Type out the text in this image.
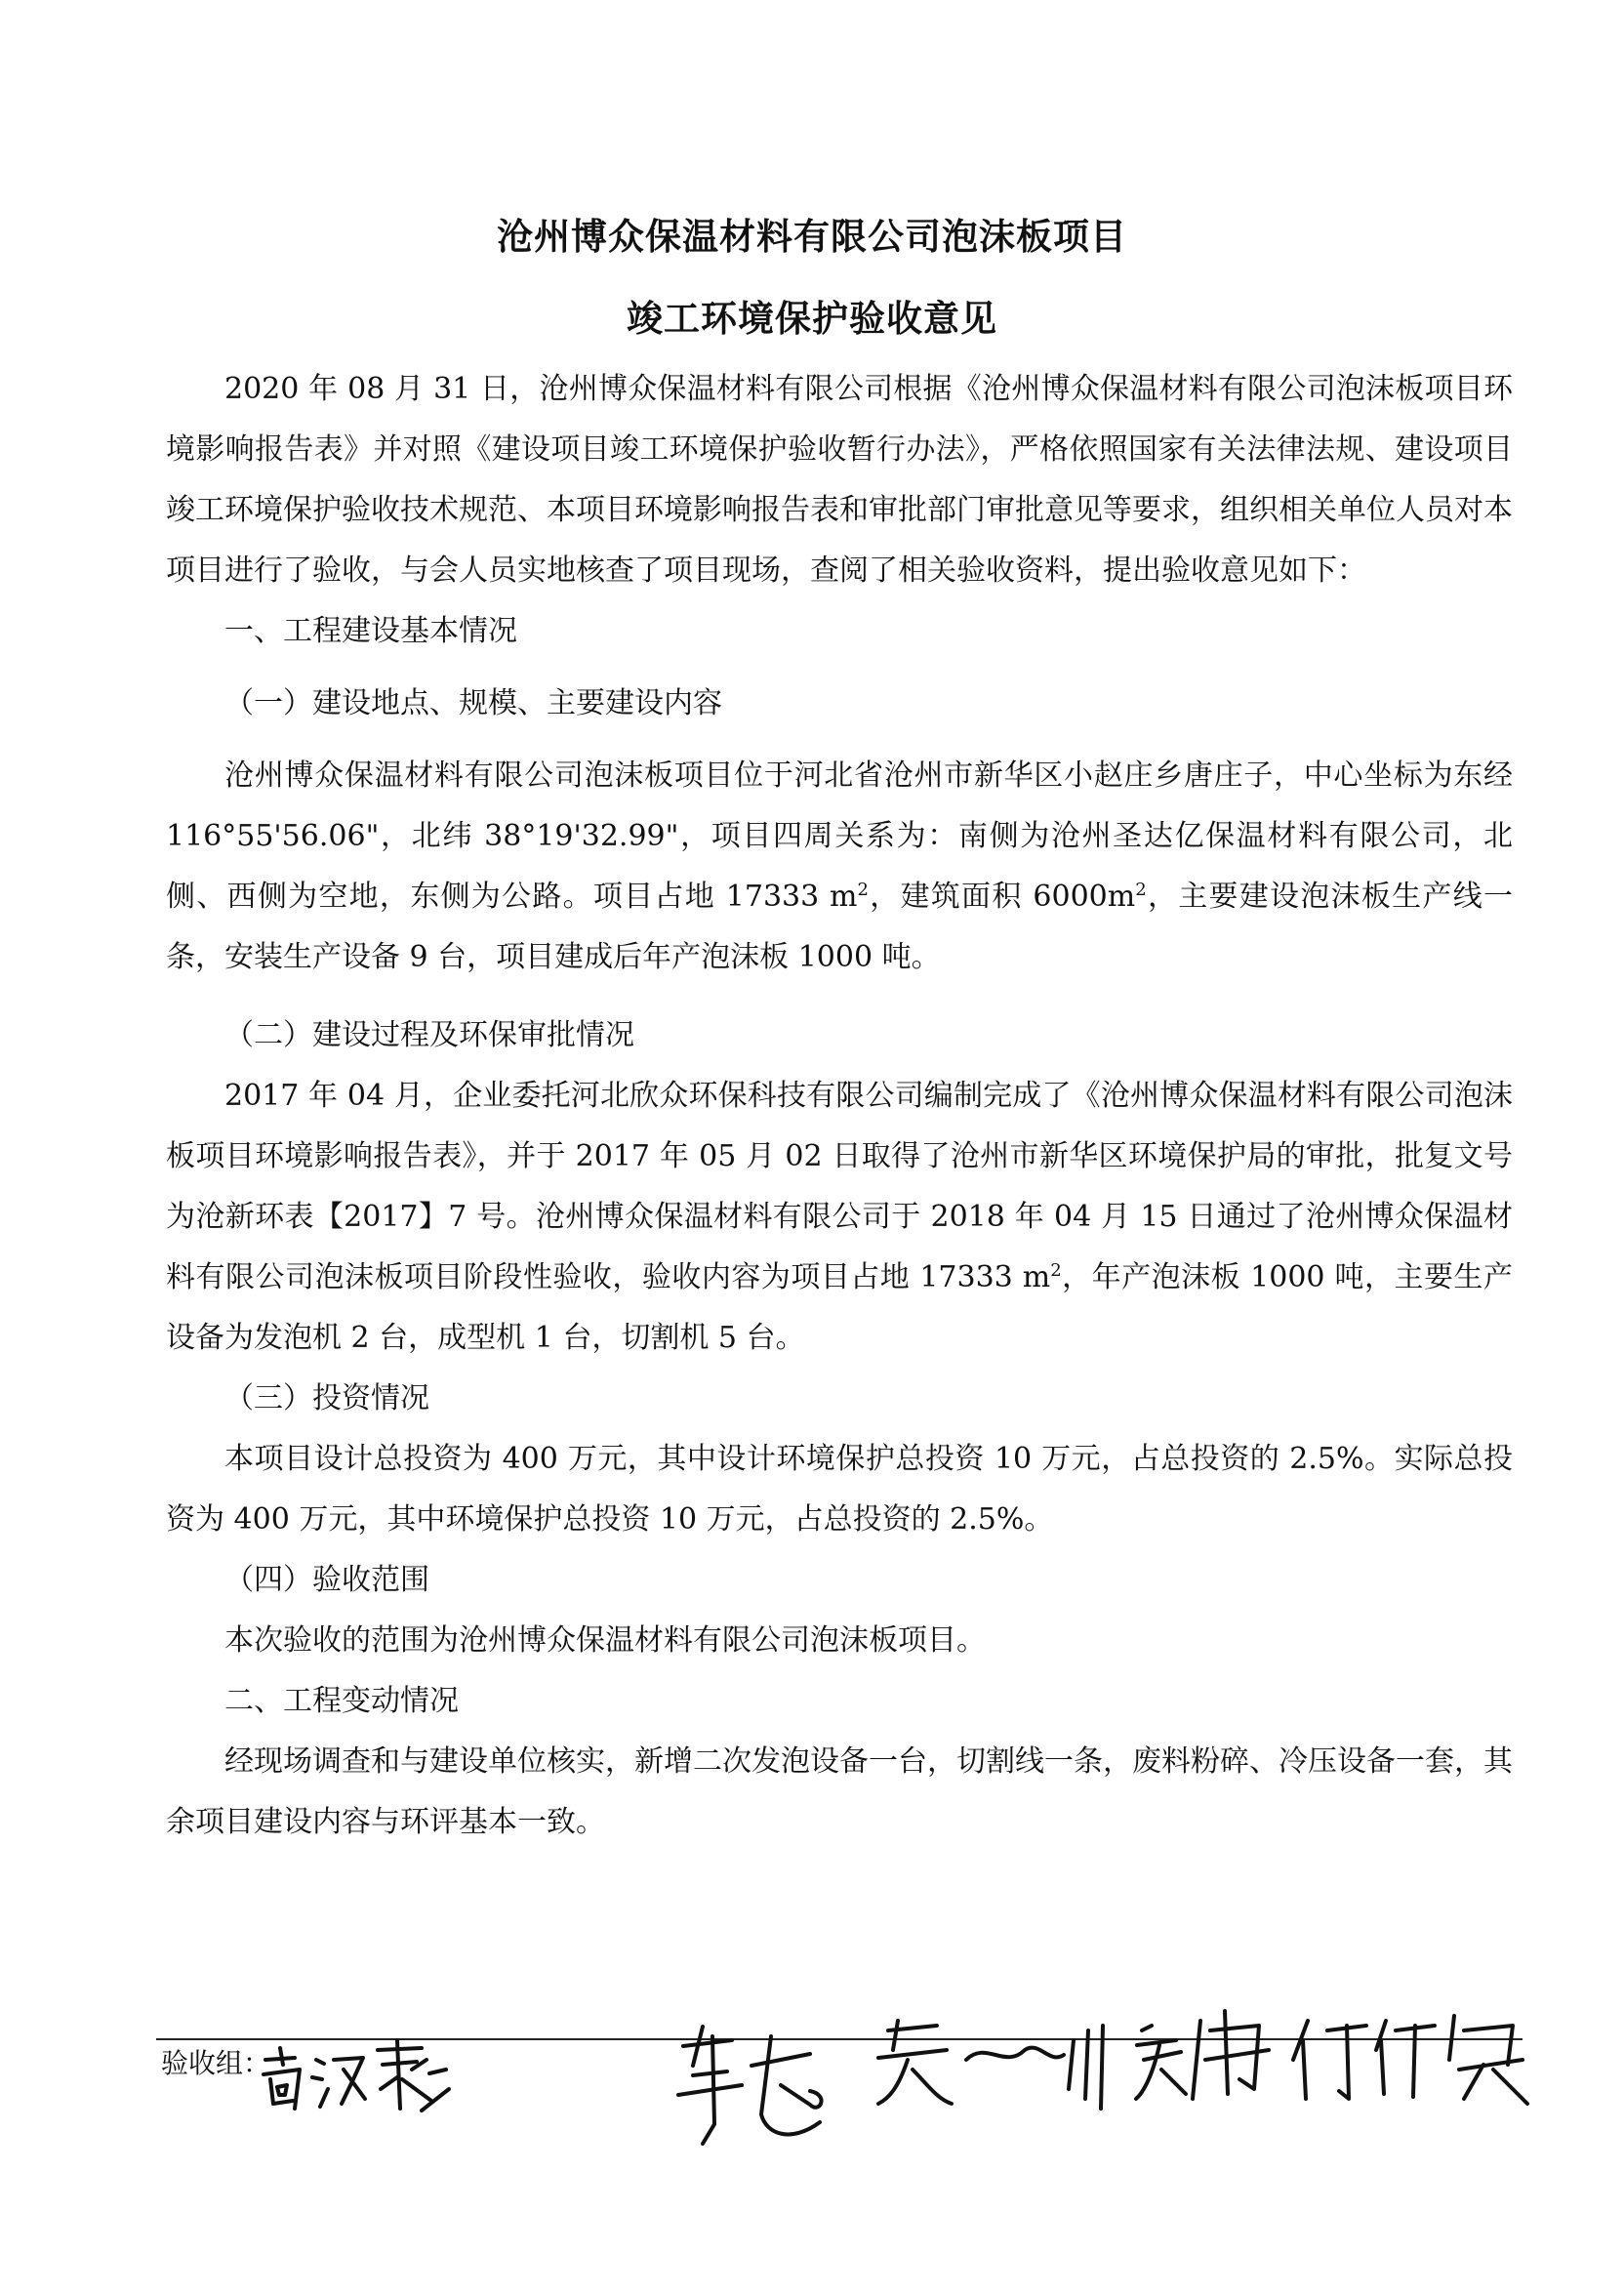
沧州博众保温材料有限公司泡沫板项目
竣工环境保护验收意见

2020 年 08 月 31 日，沧州博众保温材料有限公司根据《沧州博众保温材料有限公司泡沫板项目环境影响报告表》并对照《建设项目竣工环境保护验收暂行办法》，严格依照国家有关法律法规、建设项目竣工环境保护验收技术规范、本项目环境影响报告表和审批部门审批意见等要求，组织相关单位人员对本项目进行了验收，与会人员实地核查了项目现场，查阅了相关验收资料，提出验收意见如下：

一、工程建设基本情况

（一）建设地点、规模、主要建设内容

沧州博众保温材料有限公司泡沫板项目位于河北省沧州市新华区小赵庄乡唐庄子，中心坐标为东经 116°55'56.06"，北纬 38°19'32.99"，项目四周关系为：南侧为沧州圣达亿保温材料有限公司，北侧、西侧为空地，东侧为公路。项目占地 17333 $m^2$，建筑面积 $6000m^2$，主要建设泡沫板生产线一条，安装生产设备 9 台，项目建成后年产泡沫板 1000 吨。

（二）建设过程及环保审批情况

2017 年 04 月，企业委托河北欣众环保科技有限公司编制完成了《沧州博众保温材料有限公司泡沫板项目环境影响报告表》，并于 2017 年 05 月 02 日取得了沧州市新华区环境保护局的审批，批复文号为沧新环表【2017】7 号。沧州博众保温材料有限公司于 2018 年 04 月 15 日通过了沧州博众保温材料有限公司泡沫板项目阶段性验收，验收内容为项目占地 17333 $m^2$，年产泡沫板 1000 吨，主要生产设备为发泡机 2 台，成型机 1 台，切割机 5 台。

（三）投资情况

本项目设计总投资为 400 万元，其中设计环境保护总投资 10 万元，占总投资的 2.5%。实际总投资为 400 万元，其中环境保护总投资 10 万元，占总投资的 2.5%。

（四）验收范围

本次验收的范围为沧州博众保温材料有限公司泡沫板项目。

二、工程变动情况

经现场调查和与建设单位核实，新增二次发泡设备一台，切割线一条，废料粉碎、冷压设备一套，其余项目建设内容与环评基本一致。

验收组：
